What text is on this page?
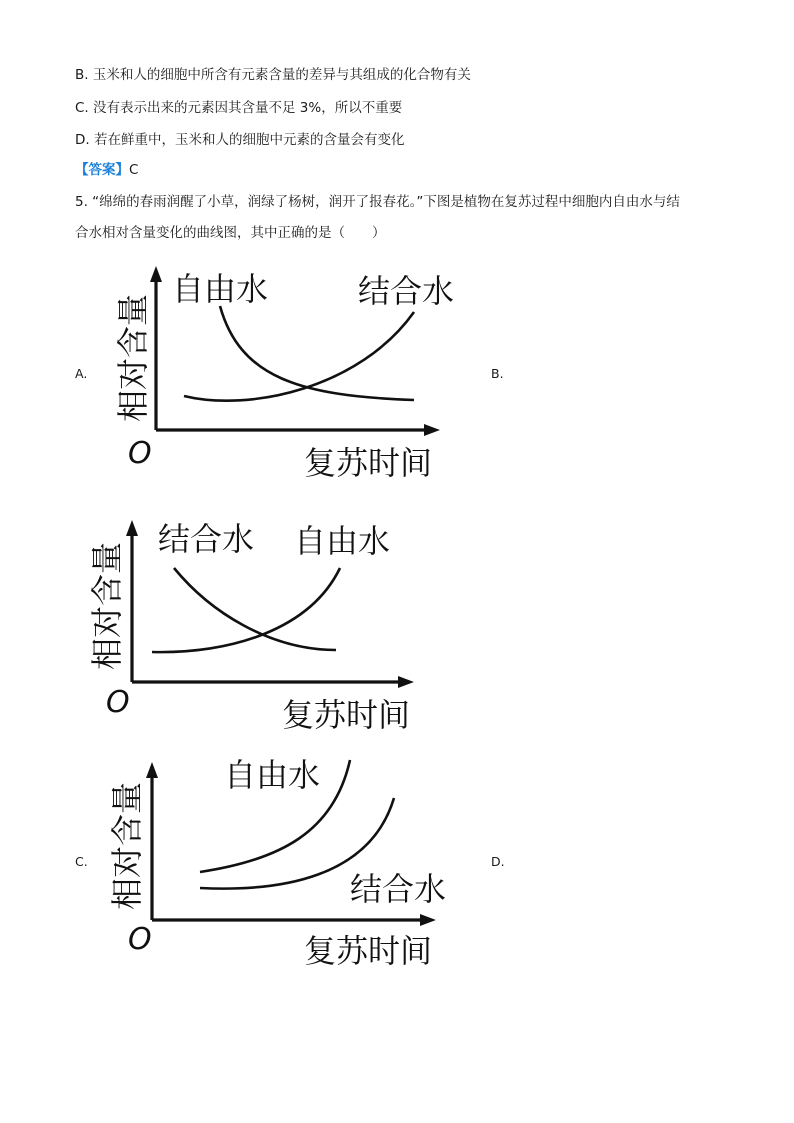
B. 玉米和人的细胞中所含有元素含量的差异与其组成的化合物有关
C. 没有表示出来的元素因其含量不足 3%，所以不重要
D. 若在鲜重中，玉米和人的细胞中元素的含量会有变化
【答案】C
5. “绵绵的春雨润醒了小草，润绿了杨树，润开了报春花。”下图是植物在复苏过程中细胞内自由水与结
合水相对含量变化的曲线图，其中正确的是（　　）
A.	B.
C.	D.
相对含量
O	复苏时间
自由水	结合水
相对含量
O	复苏时间
结合水 自由水
相对含量
O	复苏时间
自由水
结合水
